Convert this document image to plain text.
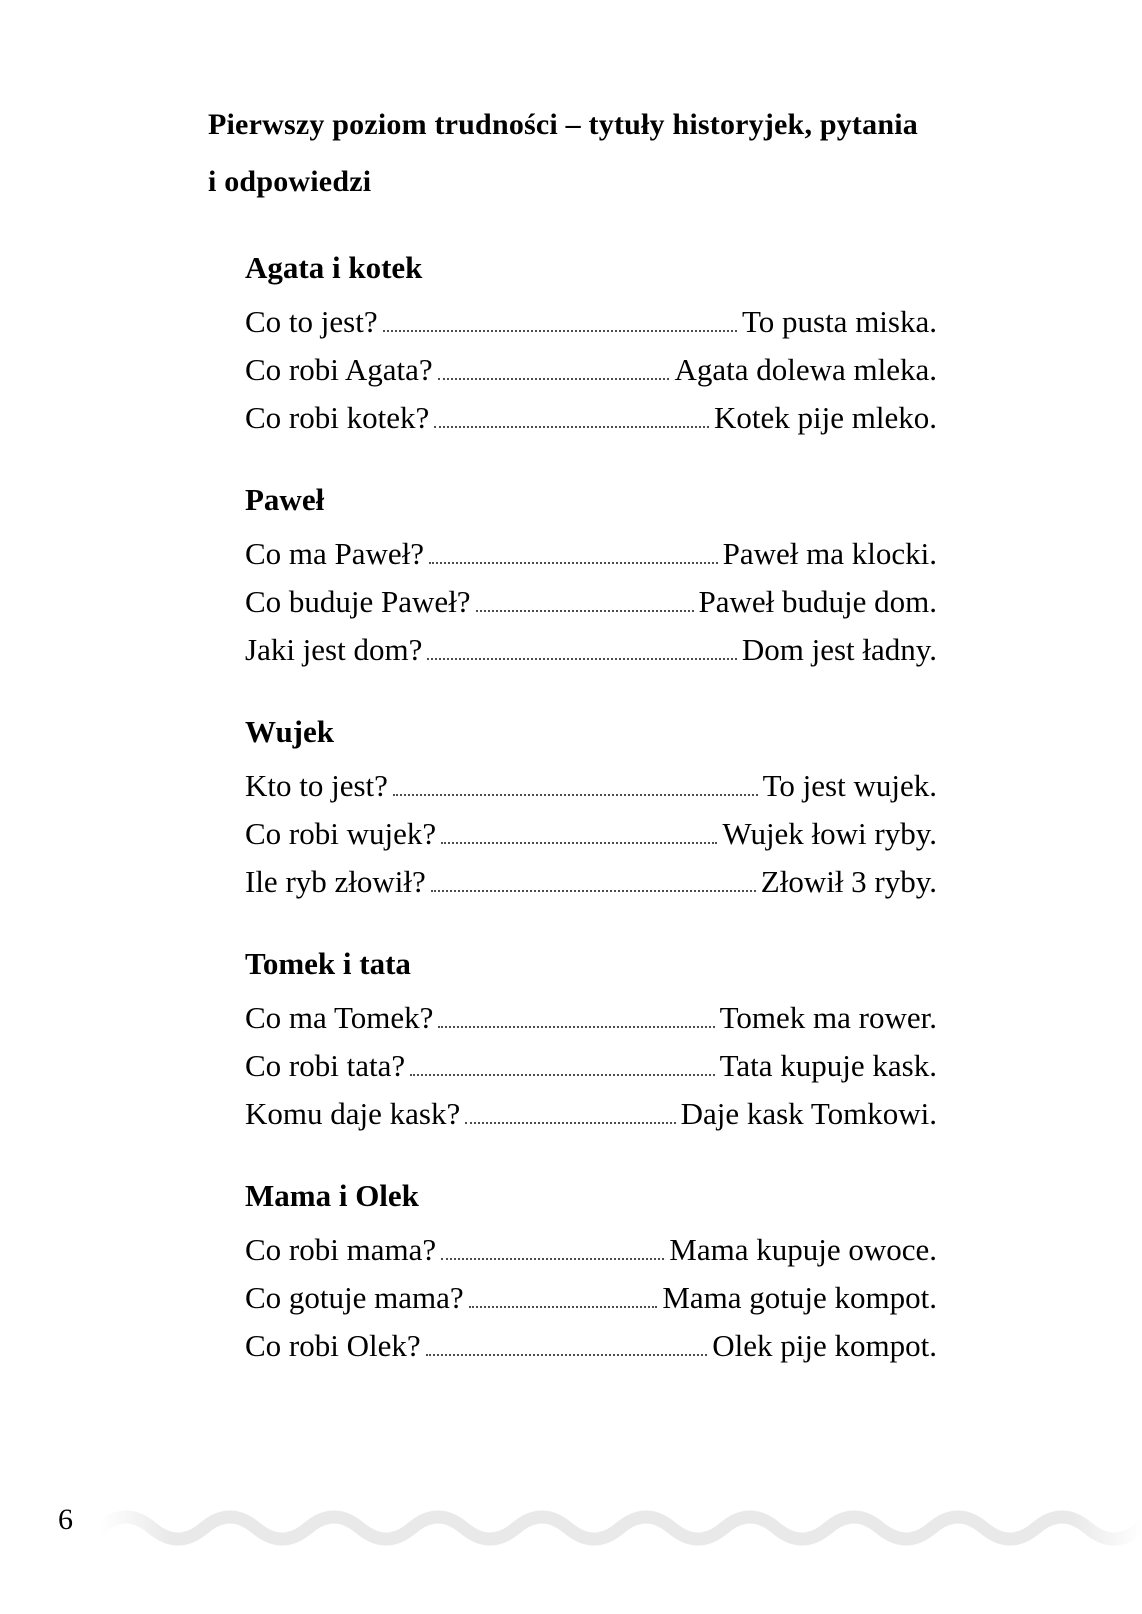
Pierwszy poziom trudności – tytuły historyjek, pytania
i odpowiedzi
Agata i kotek
Co to jest?	To pusta miska.
Co robi Agata?	Agata dolewa mleka.
Co robi kotek?	Kotek pije mleko.
Paweł
Co ma Paweł?	Paweł ma klocki.
Co buduje Paweł?	Paweł buduje dom.
Jaki jest dom?	Dom jest ładny.
Wujek
Kto to jest?	To jest wujek.
Co robi wujek?	Wujek łowi ryby.
Ile ryb złowił?	Złowił 3 ryby.
Tomek i tata
Co ma Tomek?	Tomek ma rower.
Co robi tata?	Tata kupuje kask.
Komu daje kask?	Daje kask Tomkowi.
Mama i Olek
Co robi mama?	Mama kupuje owoce.
Co gotuje mama?	Mama gotuje kompot.
Co robi Olek?	Olek pije kompot.
6
